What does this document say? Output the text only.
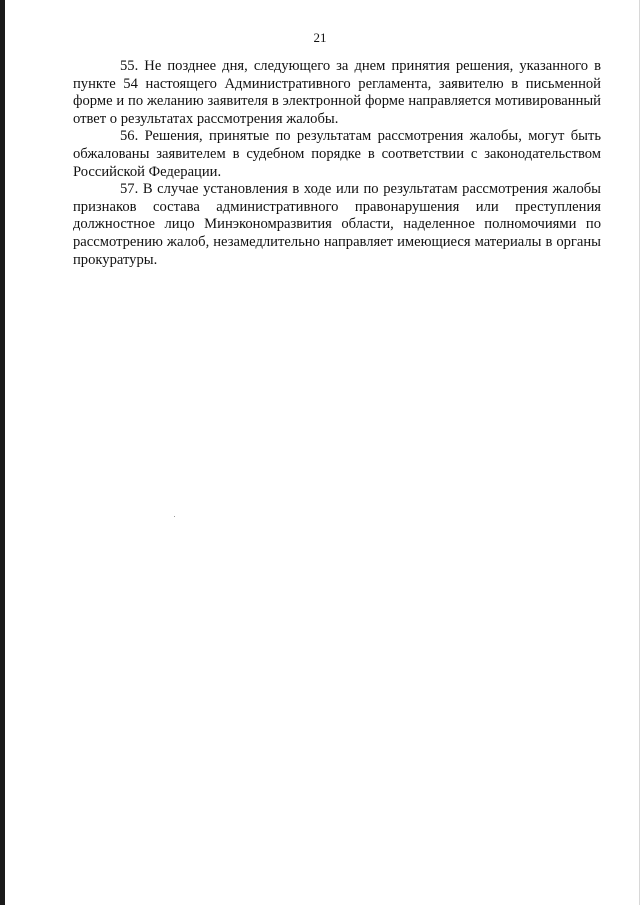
21

55. Не позднее дня, следующего за днем принятия решения, указанного в пункте 54 настоящего Административного регламента, заявителю в письменной форме и по желанию заявителя в электронной форме направляется мотивированный ответ о результатах рассмотрения жалобы.

56. Решения, принятые по результатам рассмотрения жалобы, могут быть обжалованы заявителем в судебном порядке в соответствии с законодательством Российской Федерации.

57. В случае установления в ходе или по результатам рассмотрения жалобы признаков состава административного правонарушения или преступления должностное лицо Минэкономразвития области, наделенное полномочиями по рассмотрению жалоб, незамедлительно направляет имеющиеся материалы в органы прокуратуры.
